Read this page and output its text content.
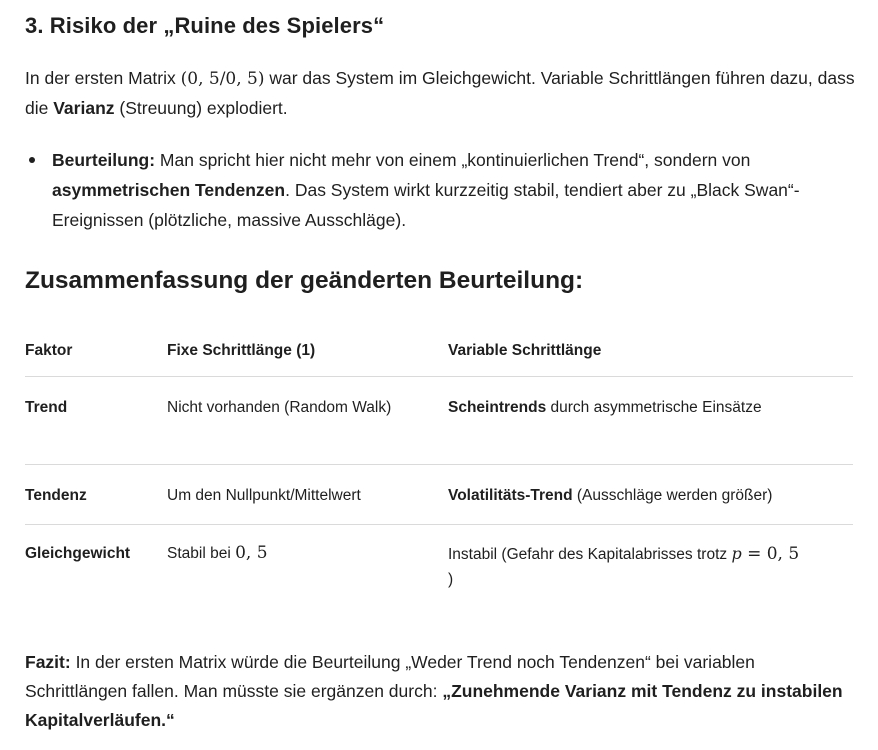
3. Risiko der „Ruine des Spielers“

In der ersten Matrix (0, 5/0, 5) war das System im Gleichgewicht. Variable Schrittlängen führen dazu, dass die Varianz (Streuung) explodiert.

Beurteilung: Man spricht hier nicht mehr von einem „kontinuierlichen Trend“, sondern von asymmetrischen Tendenzen. Das System wirkt kurzzeitig stabil, tendiert aber zu „Black Swan“-Ereignissen (plötzliche, massive Ausschläge).
Zusammenfassung der geänderten Beurteilung:
Faktor	Fixe Schrittlänge (1)	Variable Schrittlänge
Trend	Nicht vorhanden (Random Walk)	Scheintrends durch asymmetrische Einsätze
Tendenz	Um den Nullpunkt/Mittelwert	Volatilitäts-Trend (Ausschläge werden größer)
Gleichgewicht	Stabil bei 0, 5	Instabil (Gefahr des Kapitalabrisses trotz p = 0, 5
)

Fazit: In der ersten Matrix würde die Beurteilung „Weder Trend noch Tendenzen“ bei variablen Schrittlängen fallen. Man müsste sie ergänzen durch: „Zunehmende Varianz mit Tendenz zu instabilen Kapitalverläufen.“
